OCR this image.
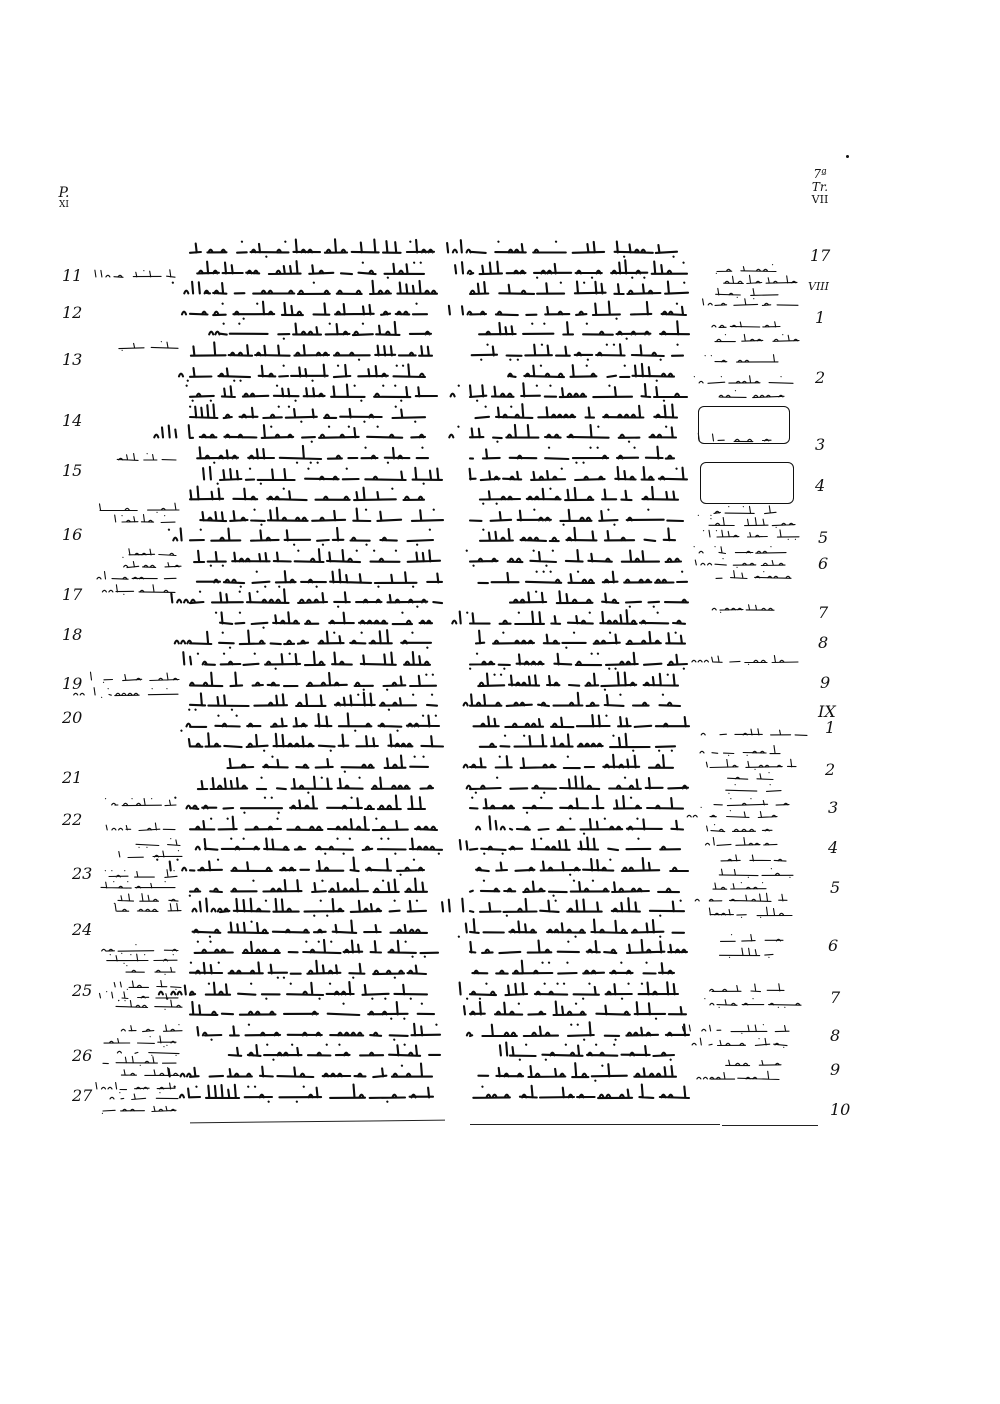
P.
XI
7ª
Tr.
VII
11
12
13
14
15
16
17
18
19
20
21
22
23
24
25
26
27
17
VIII
1
2
3
4
5
6
7
8
9
IX
1
2
3
4
5
6
7
8
9
10
